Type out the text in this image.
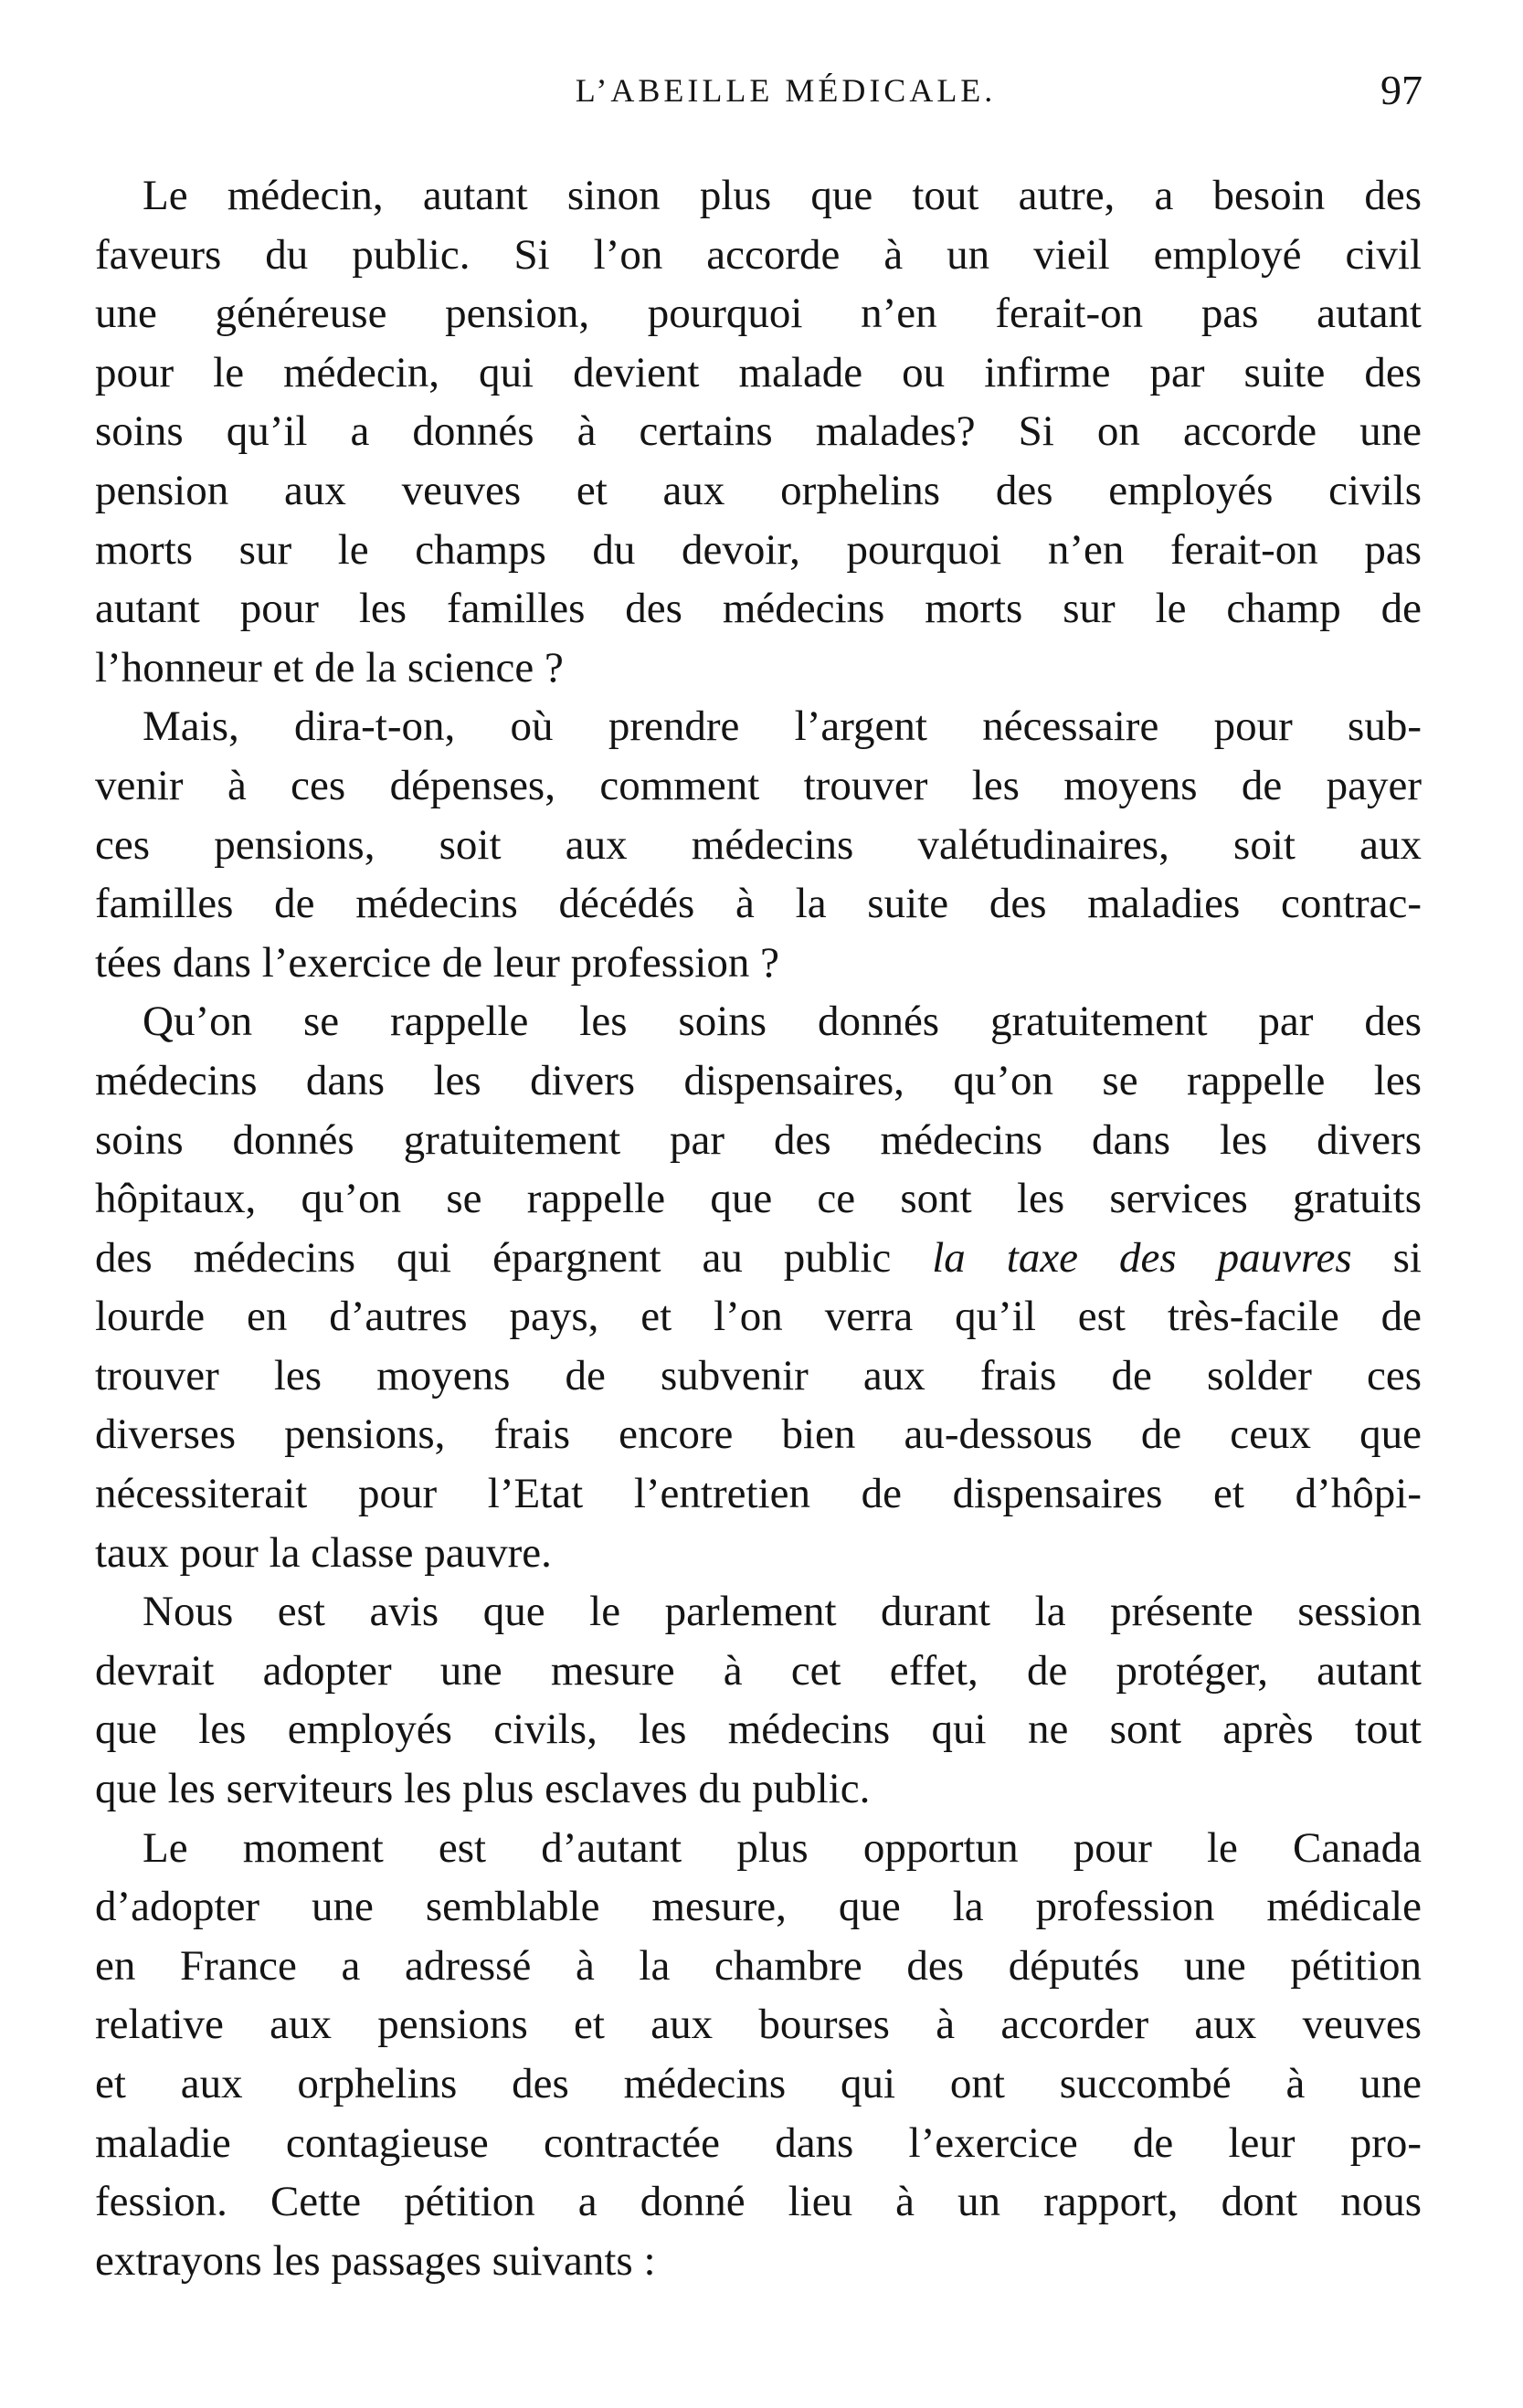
L’ABEILLE MÉDICALE.	97
Le médecin, autant sinon plus que tout autre, a besoin des
faveurs du public. Si l’on accorde à un vieil employé civil
une généreuse pension, pourquoi n’en ferait-on pas autant
pour le médecin, qui devient malade ou infirme par suite des
soins qu’il a donnés à certains malades? Si on accorde une
pension aux veuves et aux orphelins des employés civils
morts sur le champs du devoir, pourquoi n’en ferait-on pas
autant pour les familles des médecins morts sur le champ de
l’honneur et de la science ?
Mais, dira-t-on, où prendre l’argent nécessaire pour sub-
venir à ces dépenses, comment trouver les moyens de payer
ces pensions, soit aux médecins valétudinaires, soit aux
familles de médecins décédés à la suite des maladies contrac-
tées dans l’exercice de leur profession ?
Qu’on se rappelle les soins donnés gratuitement par des
médecins dans les divers dispensaires, qu’on se rappelle les
soins donnés gratuitement par des médecins dans les divers
hôpitaux, qu’on se rappelle que ce sont les services gratuits
des médecins qui épargnent au public la taxe des pauvres si
lourde en d’autres pays, et l’on verra qu’il est très-facile de
trouver les moyens de subvenir aux frais de solder ces
diverses pensions, frais encore bien au-dessous de ceux que
nécessiterait pour l’Etat l’entretien de dispensaires et d’hôpi-
taux pour la classe pauvre.
Nous est avis que le parlement durant la présente session
devrait adopter une mesure à cet effet, de protéger, autant
que les employés civils, les médecins qui ne sont après tout
que les serviteurs les plus esclaves du public.
Le moment est d’autant plus opportun pour le Canada
d’adopter une semblable mesure, que la profession médicale
en France a adressé à la chambre des députés une pétition
relative aux pensions et aux bourses à accorder aux veuves
et aux orphelins des médecins qui ont succombé à une
maladie contagieuse contractée dans l’exercice de leur pro-
fession. Cette pétition a donné lieu à un rapport, dont nous
extrayons les passages suivants :
